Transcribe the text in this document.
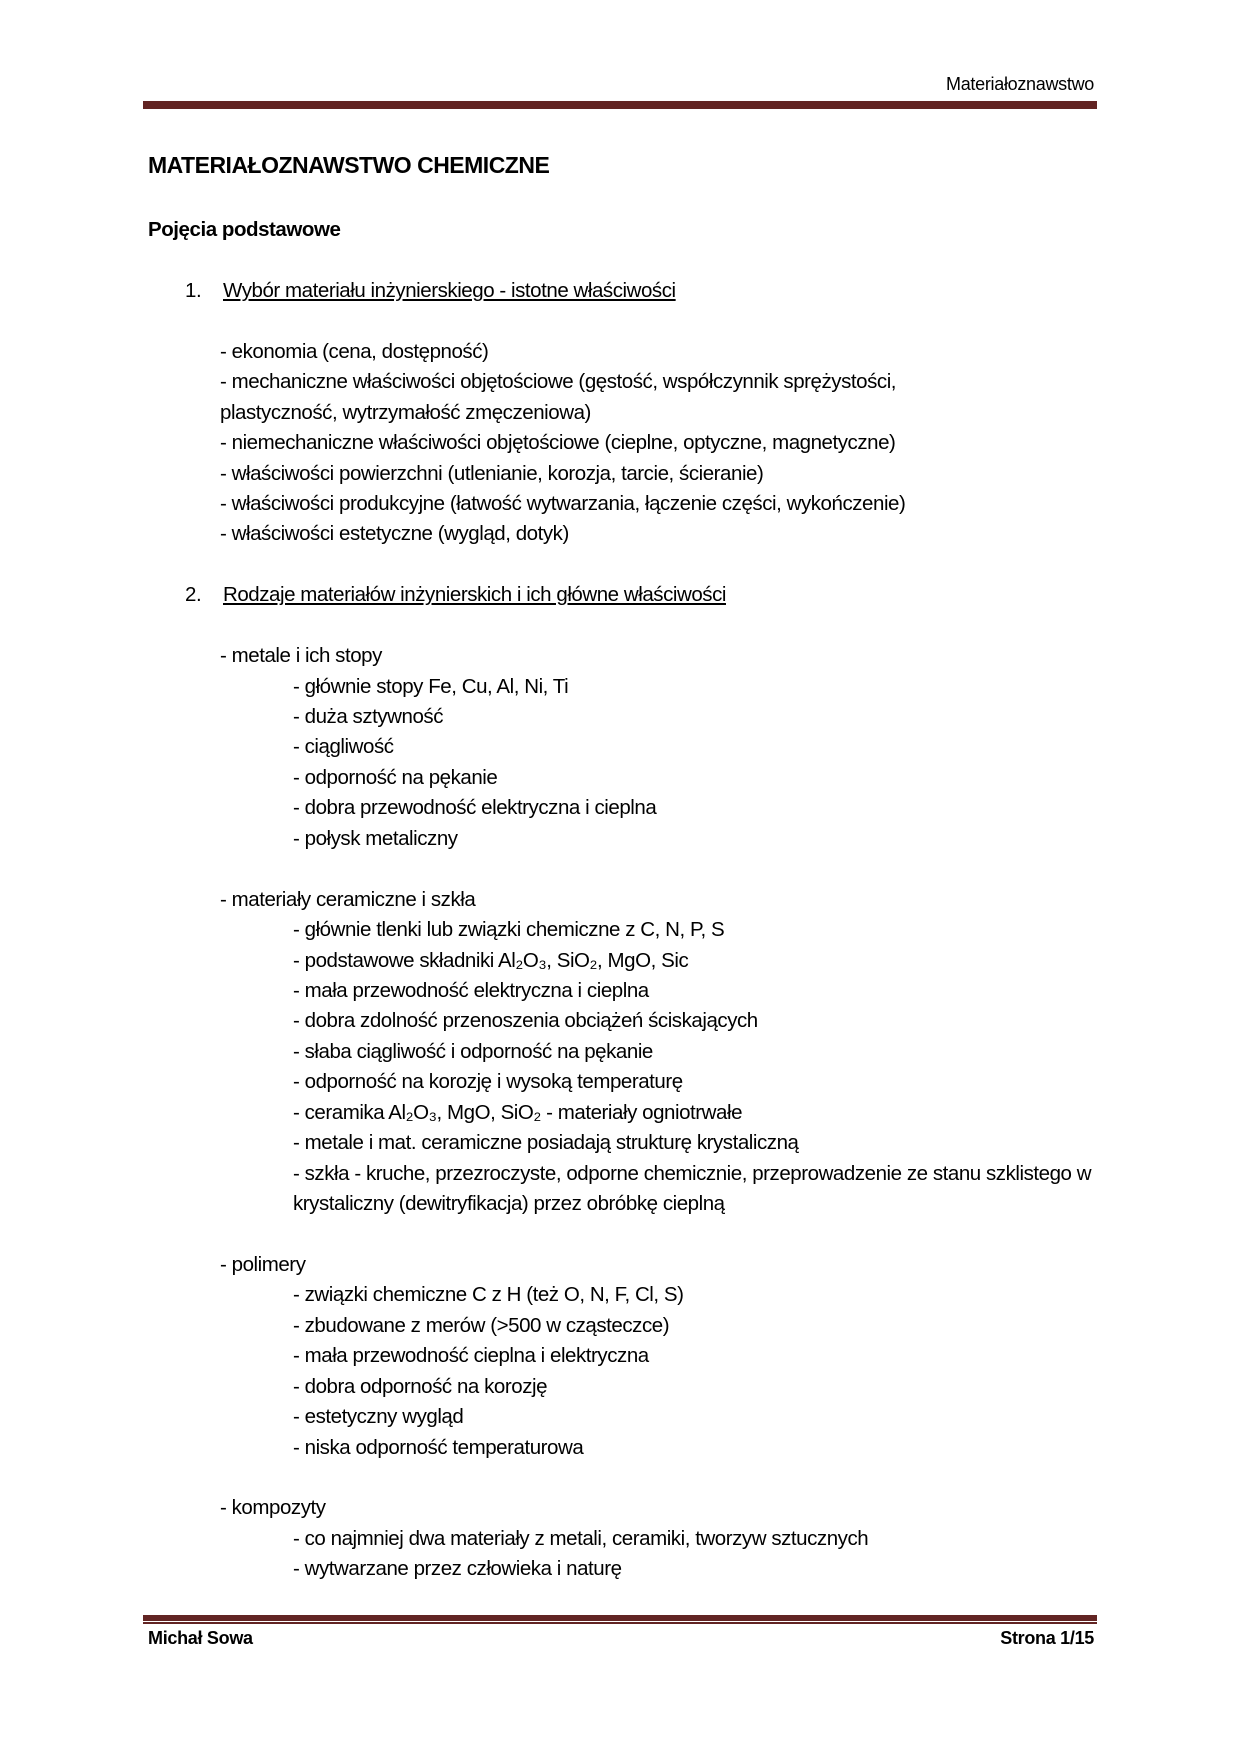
Materiałoznawstwo
MATERIAŁOZNAWSTWO CHEMICZNE
Pojęcia podstawowe
1. Wybór materiału inżynierskiego - istotne właściwości
- ekonomia (cena, dostępność)
- mechaniczne właściwości objętościowe (gęstość, współczynnik sprężystości,
plastyczność, wytrzymałość zmęczeniowa)
- niemechaniczne właściwości objętościowe (cieplne, optyczne, magnetyczne)
- właściwości powierzchni (utlenianie, korozja, tarcie, ścieranie)
- właściwości produkcyjne (łatwość wytwarzania, łączenie części, wykończenie)
- właściwości estetyczne (wygląd, dotyk)
2. Rodzaje materiałów inżynierskich i ich główne właściwości
- metale i ich stopy
- głównie stopy Fe, Cu, Al, Ni, Ti
- duża sztywność
- ciągliwość
- odporność na pękanie
- dobra przewodność elektryczna i cieplna
- połysk metaliczny
- materiały ceramiczne i szkła
- głównie tlenki lub związki chemiczne z C, N, P, S
- podstawowe składniki Al₂O₃, SiO₂, MgO, Sic
- mała przewodność elektryczna i cieplna
- dobra zdolność przenoszenia obciążeń ściskających
- słaba ciągliwość i odporność na pękanie
- odporność na korozję i wysoką temperaturę
- ceramika Al₂O₃, MgO, SiO₂ - materiały ogniotrwałe
- metale i mat. ceramiczne posiadają strukturę krystaliczną
- szkła - kruche, przezroczyste, odporne chemicznie, przeprowadzenie ze stanu szklistego w krystaliczny (dewitryfikacja) przez obróbkę cieplną
- polimery
- związki chemiczne C z H (też O, N, F, Cl, S)
- zbudowane z merów (>500 w cząsteczce)
- mała przewodność cieplna i elektryczna
- dobra odporność na korozję
- estetyczny wygląd
- niska odporność temperaturowa
- kompozyty
- co najmniej dwa materiały z metali, ceramiki, tworzyw sztucznych
- wytwarzane przez człowieka i naturę
Michał Sowa	Strona 1/15
